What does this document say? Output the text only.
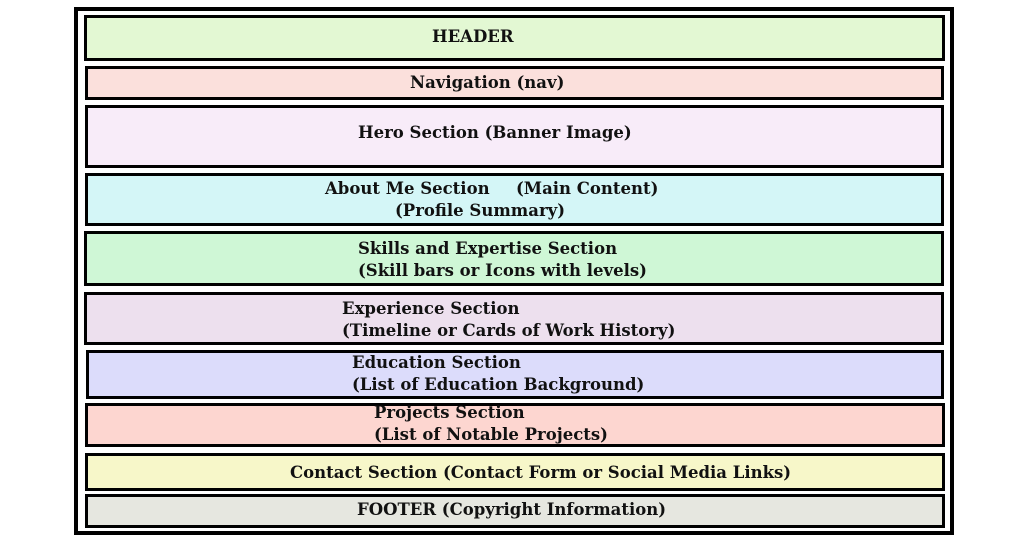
HEADER
Navigation (nav)
Hero Section (Banner Image)
About Me Section (Main Content)
(Profile Summary)
Skills and Expertise Section
(Skill bars or Icons with levels)
Experience Section
(Timeline or Cards of Work History)
Education Section
(List of Education Background)
Projects Section
(List of Notable Projects)
Contact Section (Contact Form or Social Media Links)
FOOTER (Copyright Information)
